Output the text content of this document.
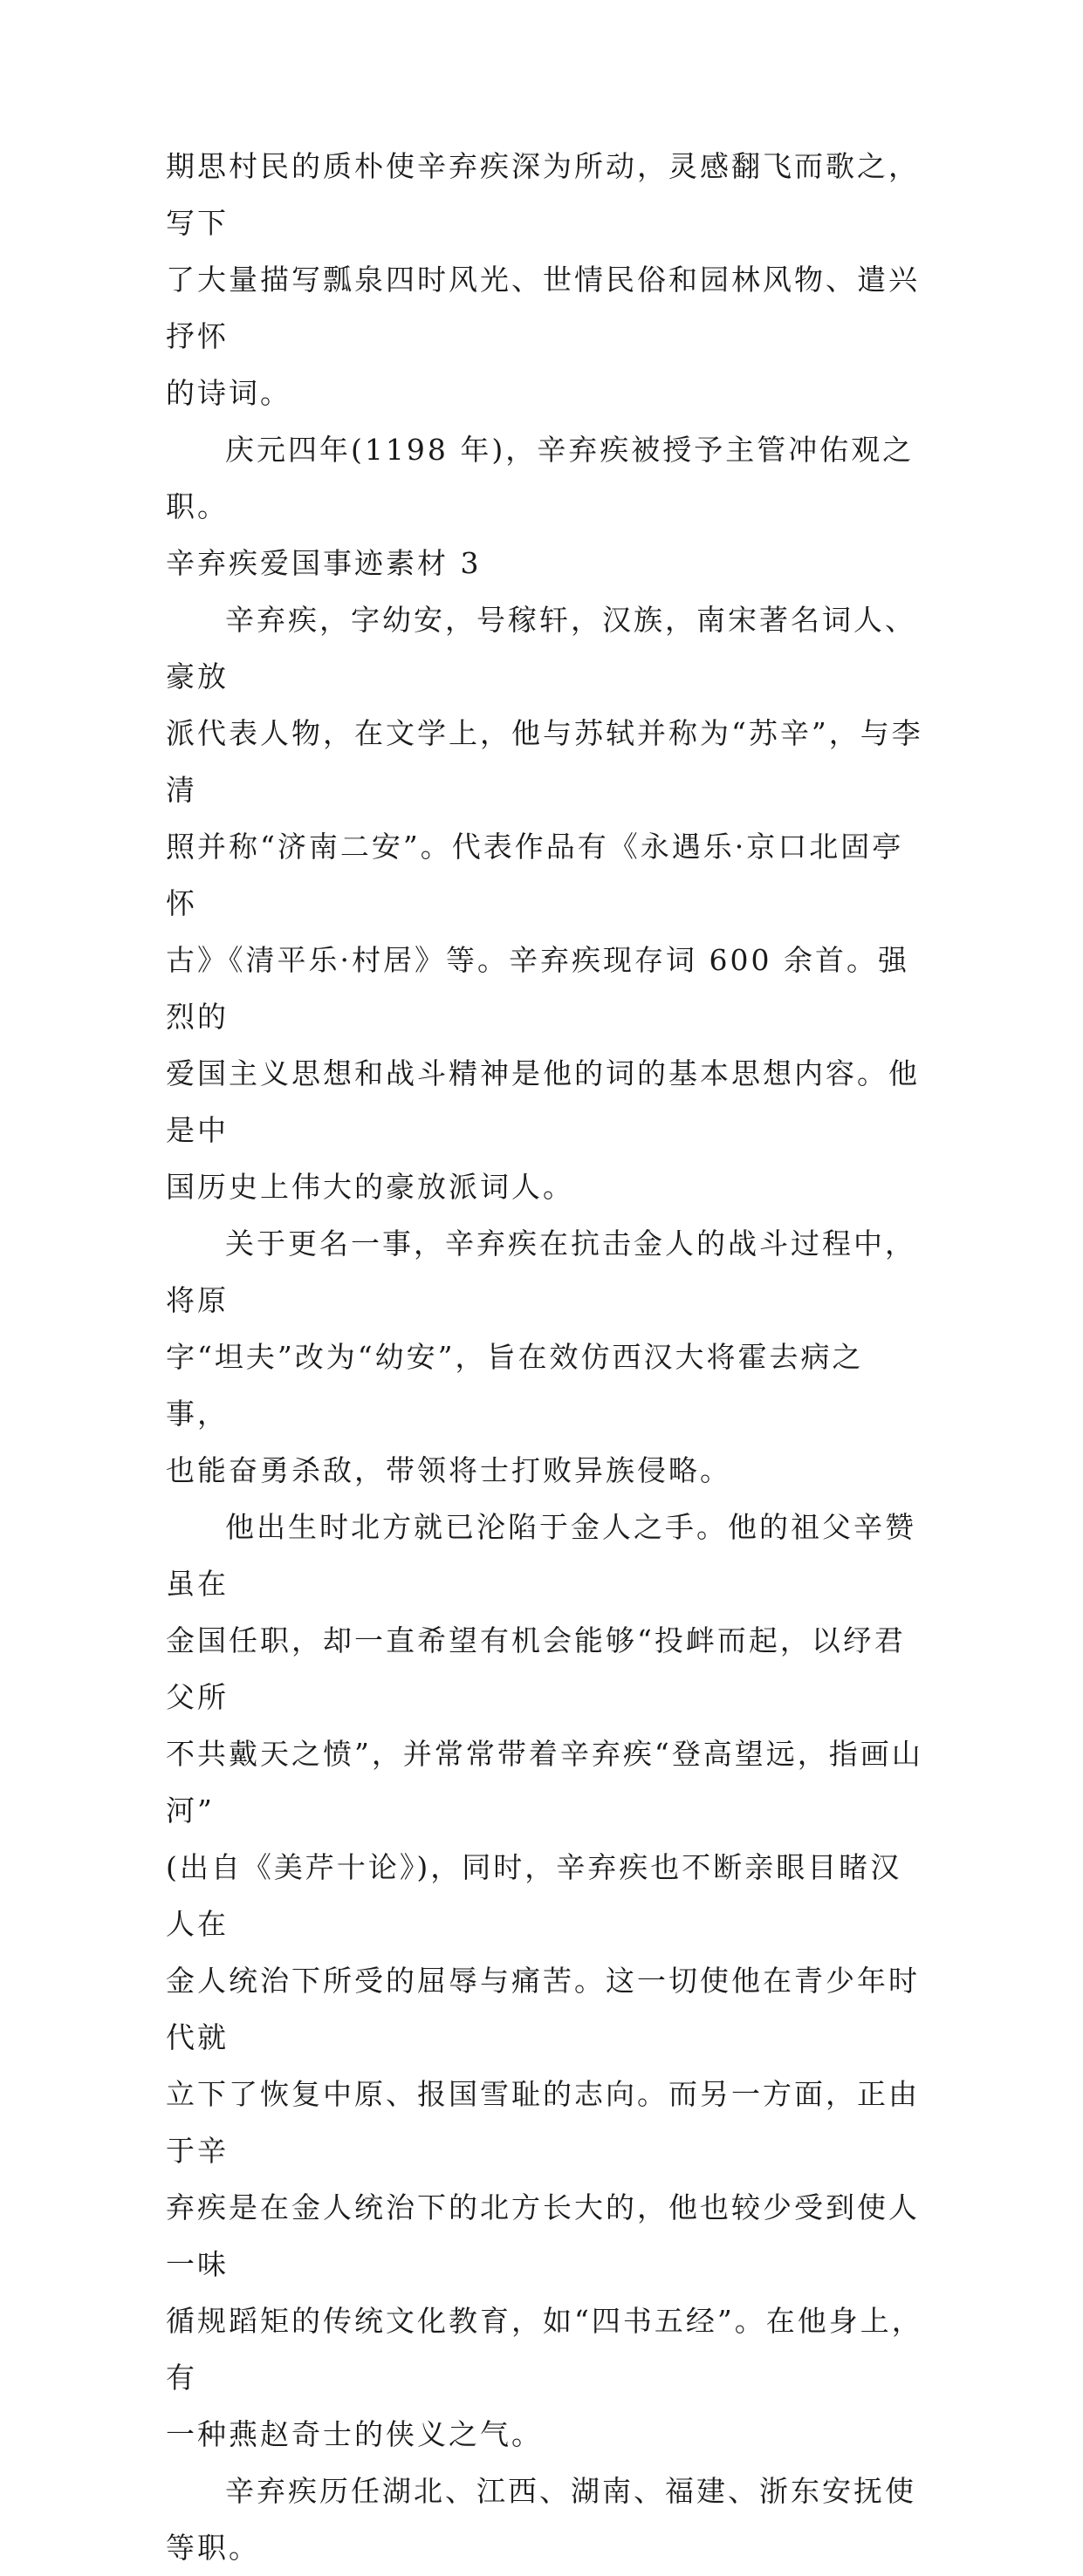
期思村民的质朴使辛弃疾深为所动，灵感翻飞而歌之，写下
了大量描写瓢泉四时风光、世情民俗和园林风物、遣兴抒怀
的诗词。

庆元四年(1198 年)，辛弃疾被授予主管冲佑观之职。

辛弃疾爱国事迹素材 3

辛弃疾，字幼安，号稼轩，汉族，南宋著名词人、豪放
派代表人物，在文学上，他与苏轼并称为“苏辛”，与李清
照并称“济南二安”。代表作品有《永遇乐·京口北固亭怀
古》《清平乐·村居》等。辛弃疾现存词 600 余首。强烈的
爱国主义思想和战斗精神是他的词的基本思想内容。他是中
国历史上伟大的豪放派词人。

关于更名一事，辛弃疾在抗击金人的战斗过程中，将原
字“坦夫”改为“幼安”，旨在效仿西汉大将霍去病之事，
也能奋勇杀敌，带领将士打败异族侵略。

他出生时北方就已沦陷于金人之手。他的祖父辛赞虽在
金国任职，却一直希望有机会能够“投衅而起，以纾君父所
不共戴天之愤”，并常常带着辛弃疾“登高望远，指画山河”
(出自《美芹十论》)，同时，辛弃疾也不断亲眼目睹汉人在
金人统治下所受的屈辱与痛苦。这一切使他在青少年时代就
立下了恢复中原、报国雪耻的志向。而另一方面，正由于辛
弃疾是在金人统治下的北方长大的，他也较少受到使人一味
循规蹈矩的传统文化教育，如“四书五经”。在他身上，有
一种燕赵奇士的侠义之气。

辛弃疾历任湖北、江西、湖南、福建、浙东安抚使等职。
